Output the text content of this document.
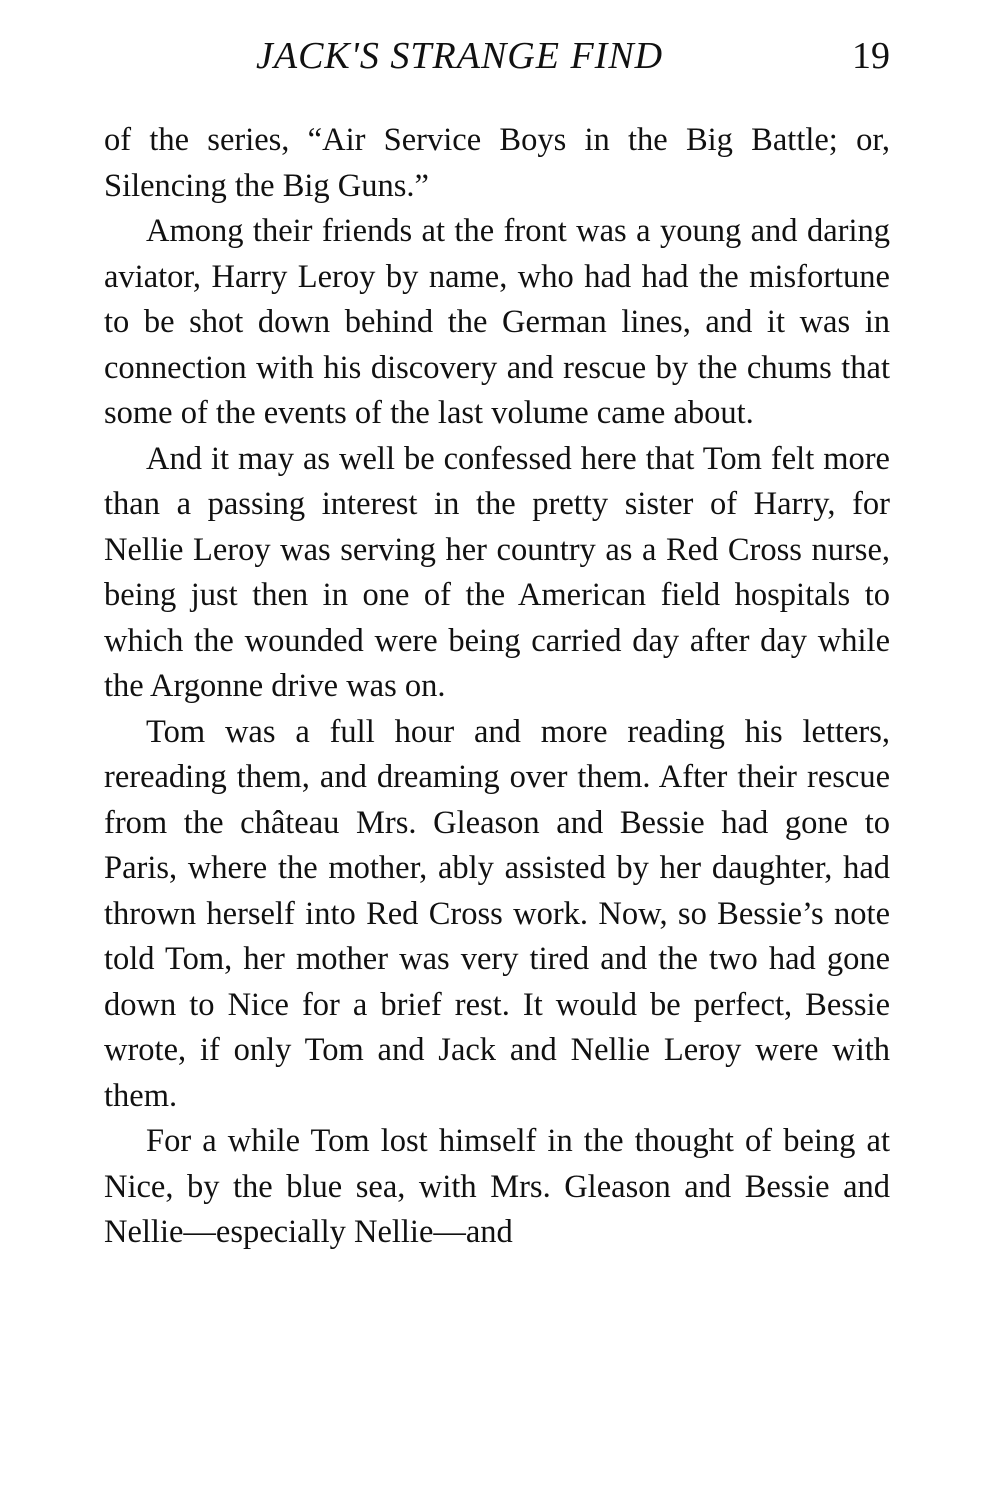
JACK'S STRANGE FIND	19

of the series, “Air Service Boys in the Big Battle; or, Silencing the Big Guns.”

Among their friends at the front was a young and daring aviator, Harry Leroy by name, who had had the misfortune to be shot down behind the German lines, and it was in connection with his discovery and rescue by the chums that some of the events of the last volume came about.

And it may as well be confessed here that Tom felt more than a passing interest in the pretty sister of Harry, for Nellie Leroy was serving her country as a Red Cross nurse, being just then in one of the American field hospitals to which the wounded were being carried day after day while the Argonne drive was on.

Tom was a full hour and more reading his letters, rereading them, and dreaming over them. After their rescue from the château Mrs. Gleason and Bessie had gone to Paris, where the mother, ably assisted by her daughter, had thrown herself into Red Cross work. Now, so Bessie’s note told Tom, her mother was very tired and the two had gone down to Nice for a brief rest. It would be perfect, Bessie wrote, if only Tom and Jack and Nellie Leroy were with them.

For a while Tom lost himself in the thought of being at Nice, by the blue sea, with Mrs. Gleason and Bessie and Nellie—especially Nellie—and
